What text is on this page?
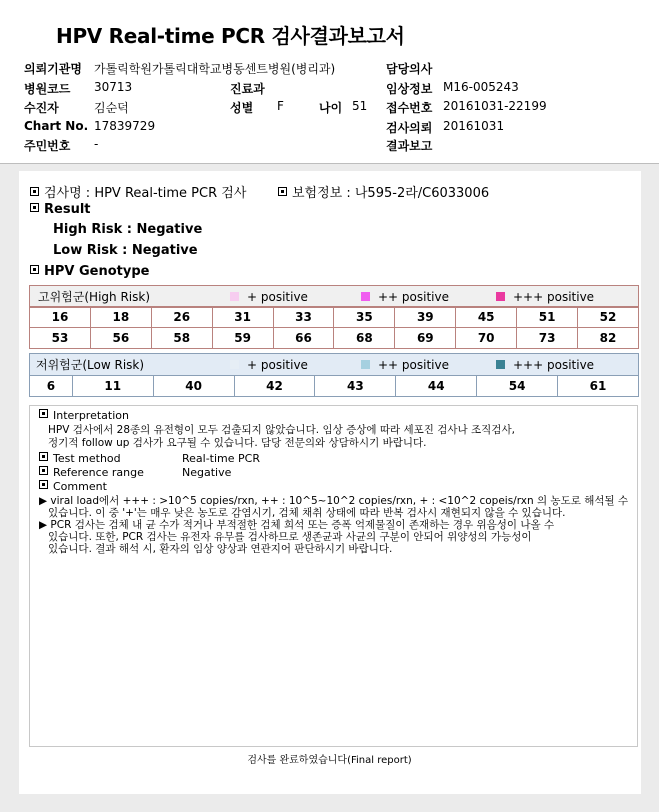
HPV Real-time PCR 검사결과보고서
의뢰기관명 가톨릭학원가톨릭대학교병동센트병원(병리과)
병원코드 30713	진료과
수진자	김순덕	성별 F	나이 51
Chart No. 17839729
주민번호 -
담당의사
임상정보 M16-005243
접수번호 20161031-22199
검사의뢰 20161031
결과보고
검사명 : HPV Real-time PCR 검사	보험정보 : 나595-2라/C6033006
Result
High Risk : Negative
Low Risk : Negative
HPV Genotype
고위험군(High Risk)	+ positive	++ positive	+++ positive
16	18	26	31	33	35	39	45	51	52
53	56	58	59	66	68	69	70	73	82
저위험군(Low Risk)	+ positive	++ positive	+++ positive
6	11	40	42	43	44	54	61
Interpretation
HPV 검사에서 28종의 유전형이 모두 검출되지 않았습니다. 임상 증상에 따라 세포진 검사나 조직검사,
정기적 follow up 검사가 요구될 수 있습니다. 담당 전문의와 상담하시기 바랍니다.
Test method	Real-time PCR
Reference range	Negative
Comment
▶ viral load에서 +++ : >10^5 copies/rxn, ++ : 10^5~10^2 copies/rxn, + : <10^2 copeis/rxn 의 농도로 해석될 수
있습니다. 이 중 '+'는 매우 낮은 농도로 감염시기, 검체 채취 상태에 따라 반복 검사시 재현되지 않을 수 있습니다.
▶ PCR 검사는 검체 내 균 수가 적거나 부적절한 검체 희석 또는 증폭 억제물질이 존재하는 경우 위음성이 나올 수
있습니다. 또한, PCR 검사는 유전자 유무를 검사하므로 생존균과 사균의 구분이 안되어 위양성의 가능성이
있습니다. 결과 해석 시, 환자의 임상 양상과 연관지어 판단하시기 바랍니다.
검사를 완료하였습니다(Final report)
